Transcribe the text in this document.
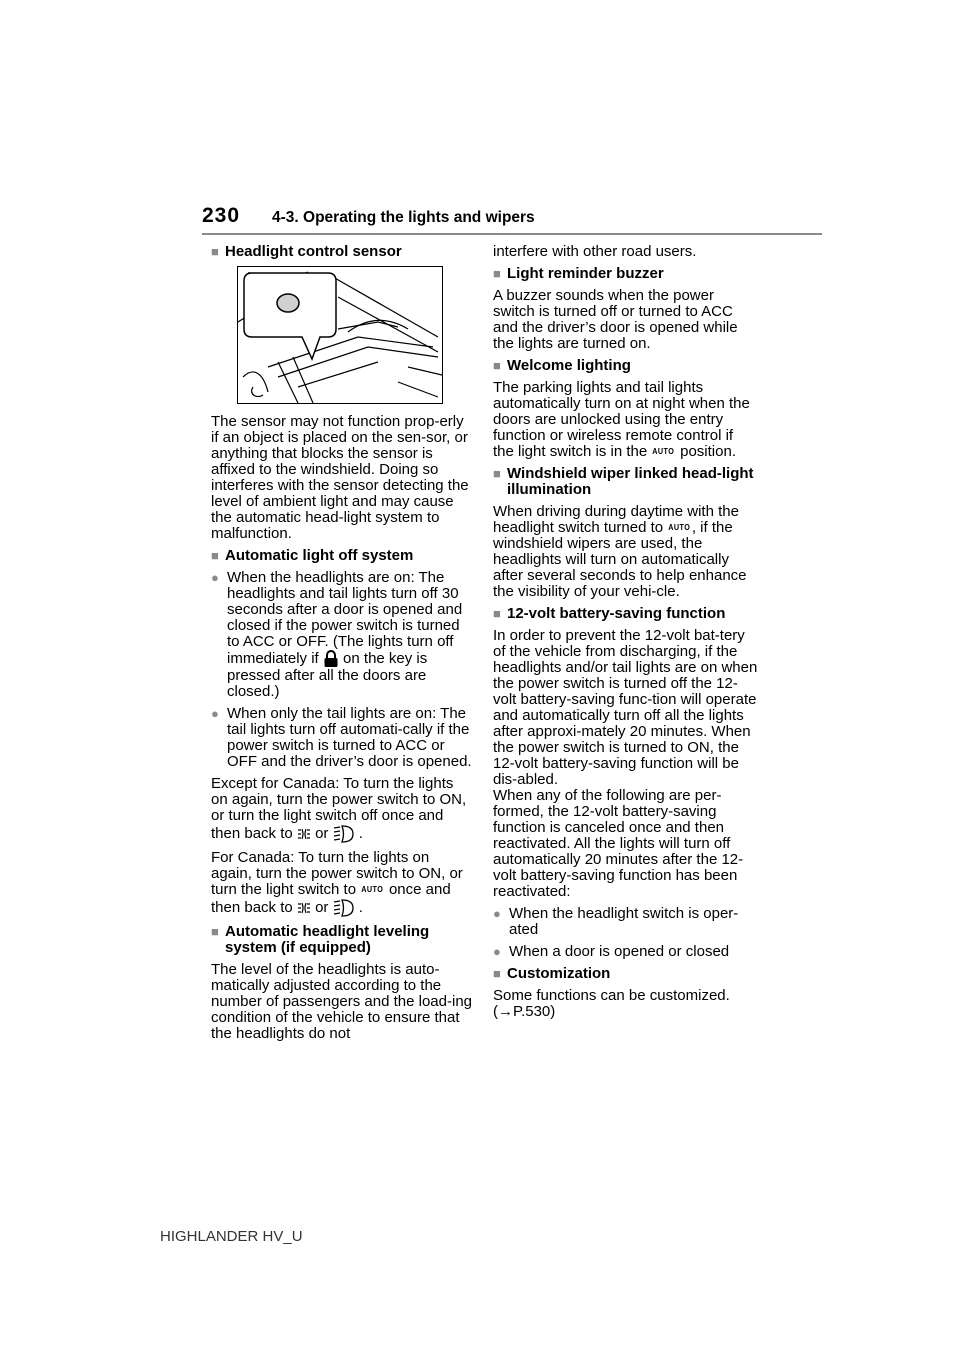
230 4-3. Operating the lights and wipers
■ Headlight control sensor

The sensor may not function prop-erly if an object is placed on the sen-sor, or anything that blocks the sensor is affixed to the windshield. Doing so interferes with the sensor detecting the level of ambient light and may cause the automatic head-light system to malfunction.

■ Automatic light off system
● When the headlights are on: The headlights and tail lights turn off 30 seconds after a door is opened and closed if the power switch is turned to ACC or OFF. (The lights turn off immediately if on the key is pressed after all the doors are closed.)
● When only the tail lights are on: The tail lights turn off automati-cally if the power switch is turned to ACC or OFF and the driver’s door is opened.

Except for Canada: To turn the lights on again, turn the power switch to ON, or turn the light switch off once and then back to or .

For Canada: To turn the lights on again, turn the power switch to ON, or turn the light switch to AUTO once and then back to or .

■ Automatic headlight leveling system (if equipped)

The level of the headlights is auto-matically adjusted according to the number of passengers and the load-ing condition of the vehicle to ensure that the headlights do not

interfere with other road users.

■ Light reminder buzzer

A buzzer sounds when the power switch is turned off or turned to ACC and the driver’s door is opened while the lights are turned on.

■ Welcome lighting

The parking lights and tail lights automatically turn on at night when the doors are unlocked using the entry function or wireless remote control if the light switch is in the AUTO position.

■ Windshield wiper linked head-light illumination

When driving during daytime with the headlight switch turned to AUTO, if the windshield wipers are used, the headlights will turn on automatically after several seconds to help enhance the visibility of your vehi-cle.

■ 12-volt battery-saving function

In order to prevent the 12-volt bat-tery of the vehicle from discharging, if the headlights and/or tail lights are on when the power switch is turned off the 12-volt battery-saving func-tion will operate and automatically turn off all the lights after approxi-mately 20 minutes. When the power switch is turned to ON, the 12-volt battery-saving function will be dis-abled.

When any of the following are per-formed, the 12-volt battery-saving function is canceled once and then reactivated. All the lights will turn off automatically 20 minutes after the 12-volt battery-saving function has been reactivated:

● When the headlight switch is oper-ated
● When a door is opened or closed
■ Customization

Some functions can be customized.
(→P.530)

HIGHLANDER HV_U
